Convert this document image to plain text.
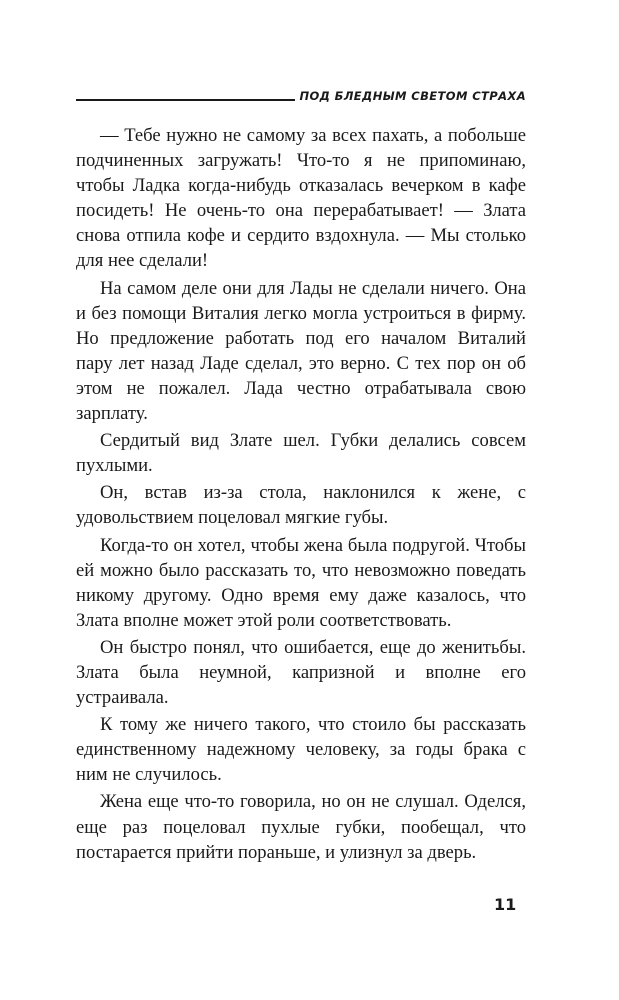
ПОД БЛЕДНЫМ СВЕТОМ СТРАХА

— Тебе нужно не самому за всех пахать, а побольше подчиненных загружать! Что-то я не припоминаю, чтобы Ладка когда-нибудь отказалась вечерком в кафе посидеть! Не очень-то она перерабатывает! — Злата снова отпила кофе и сердито вздохнула. — Мы столько для нее сделали!

На самом деле они для Лады не сделали ничего. Она и без помощи Виталия легко могла устроиться в фирму. Но предложение работать под его началом Виталий пару лет назад Ладе сделал, это верно. С тех пор он об этом не пожалел. Лада честно отрабатывала свою зарплату.

Сердитый вид Злате шел. Губки делались совсем пухлыми.

Он, встав из-за стола, наклонился к жене, с удовольствием поцеловал мягкие губы.

Когда-то он хотел, чтобы жена была подругой. Чтобы ей можно было рассказать то, что невозможно поведать никому другому. Одно время ему даже казалось, что Злата вполне может этой роли соответствовать.

Он быстро понял, что ошибается, еще до женитьбы. Злата была неумной, капризной и вполне его устраивала.

К тому же ничего такого, что стоило бы рассказать единственному надежному человеку, за годы брака с ним не случилось.

Жена еще что-то говорила, но он не слушал. Оделся, еще раз поцеловал пухлые губки, пообещал, что постарается прийти пораньше, и улизнул за дверь.

11
